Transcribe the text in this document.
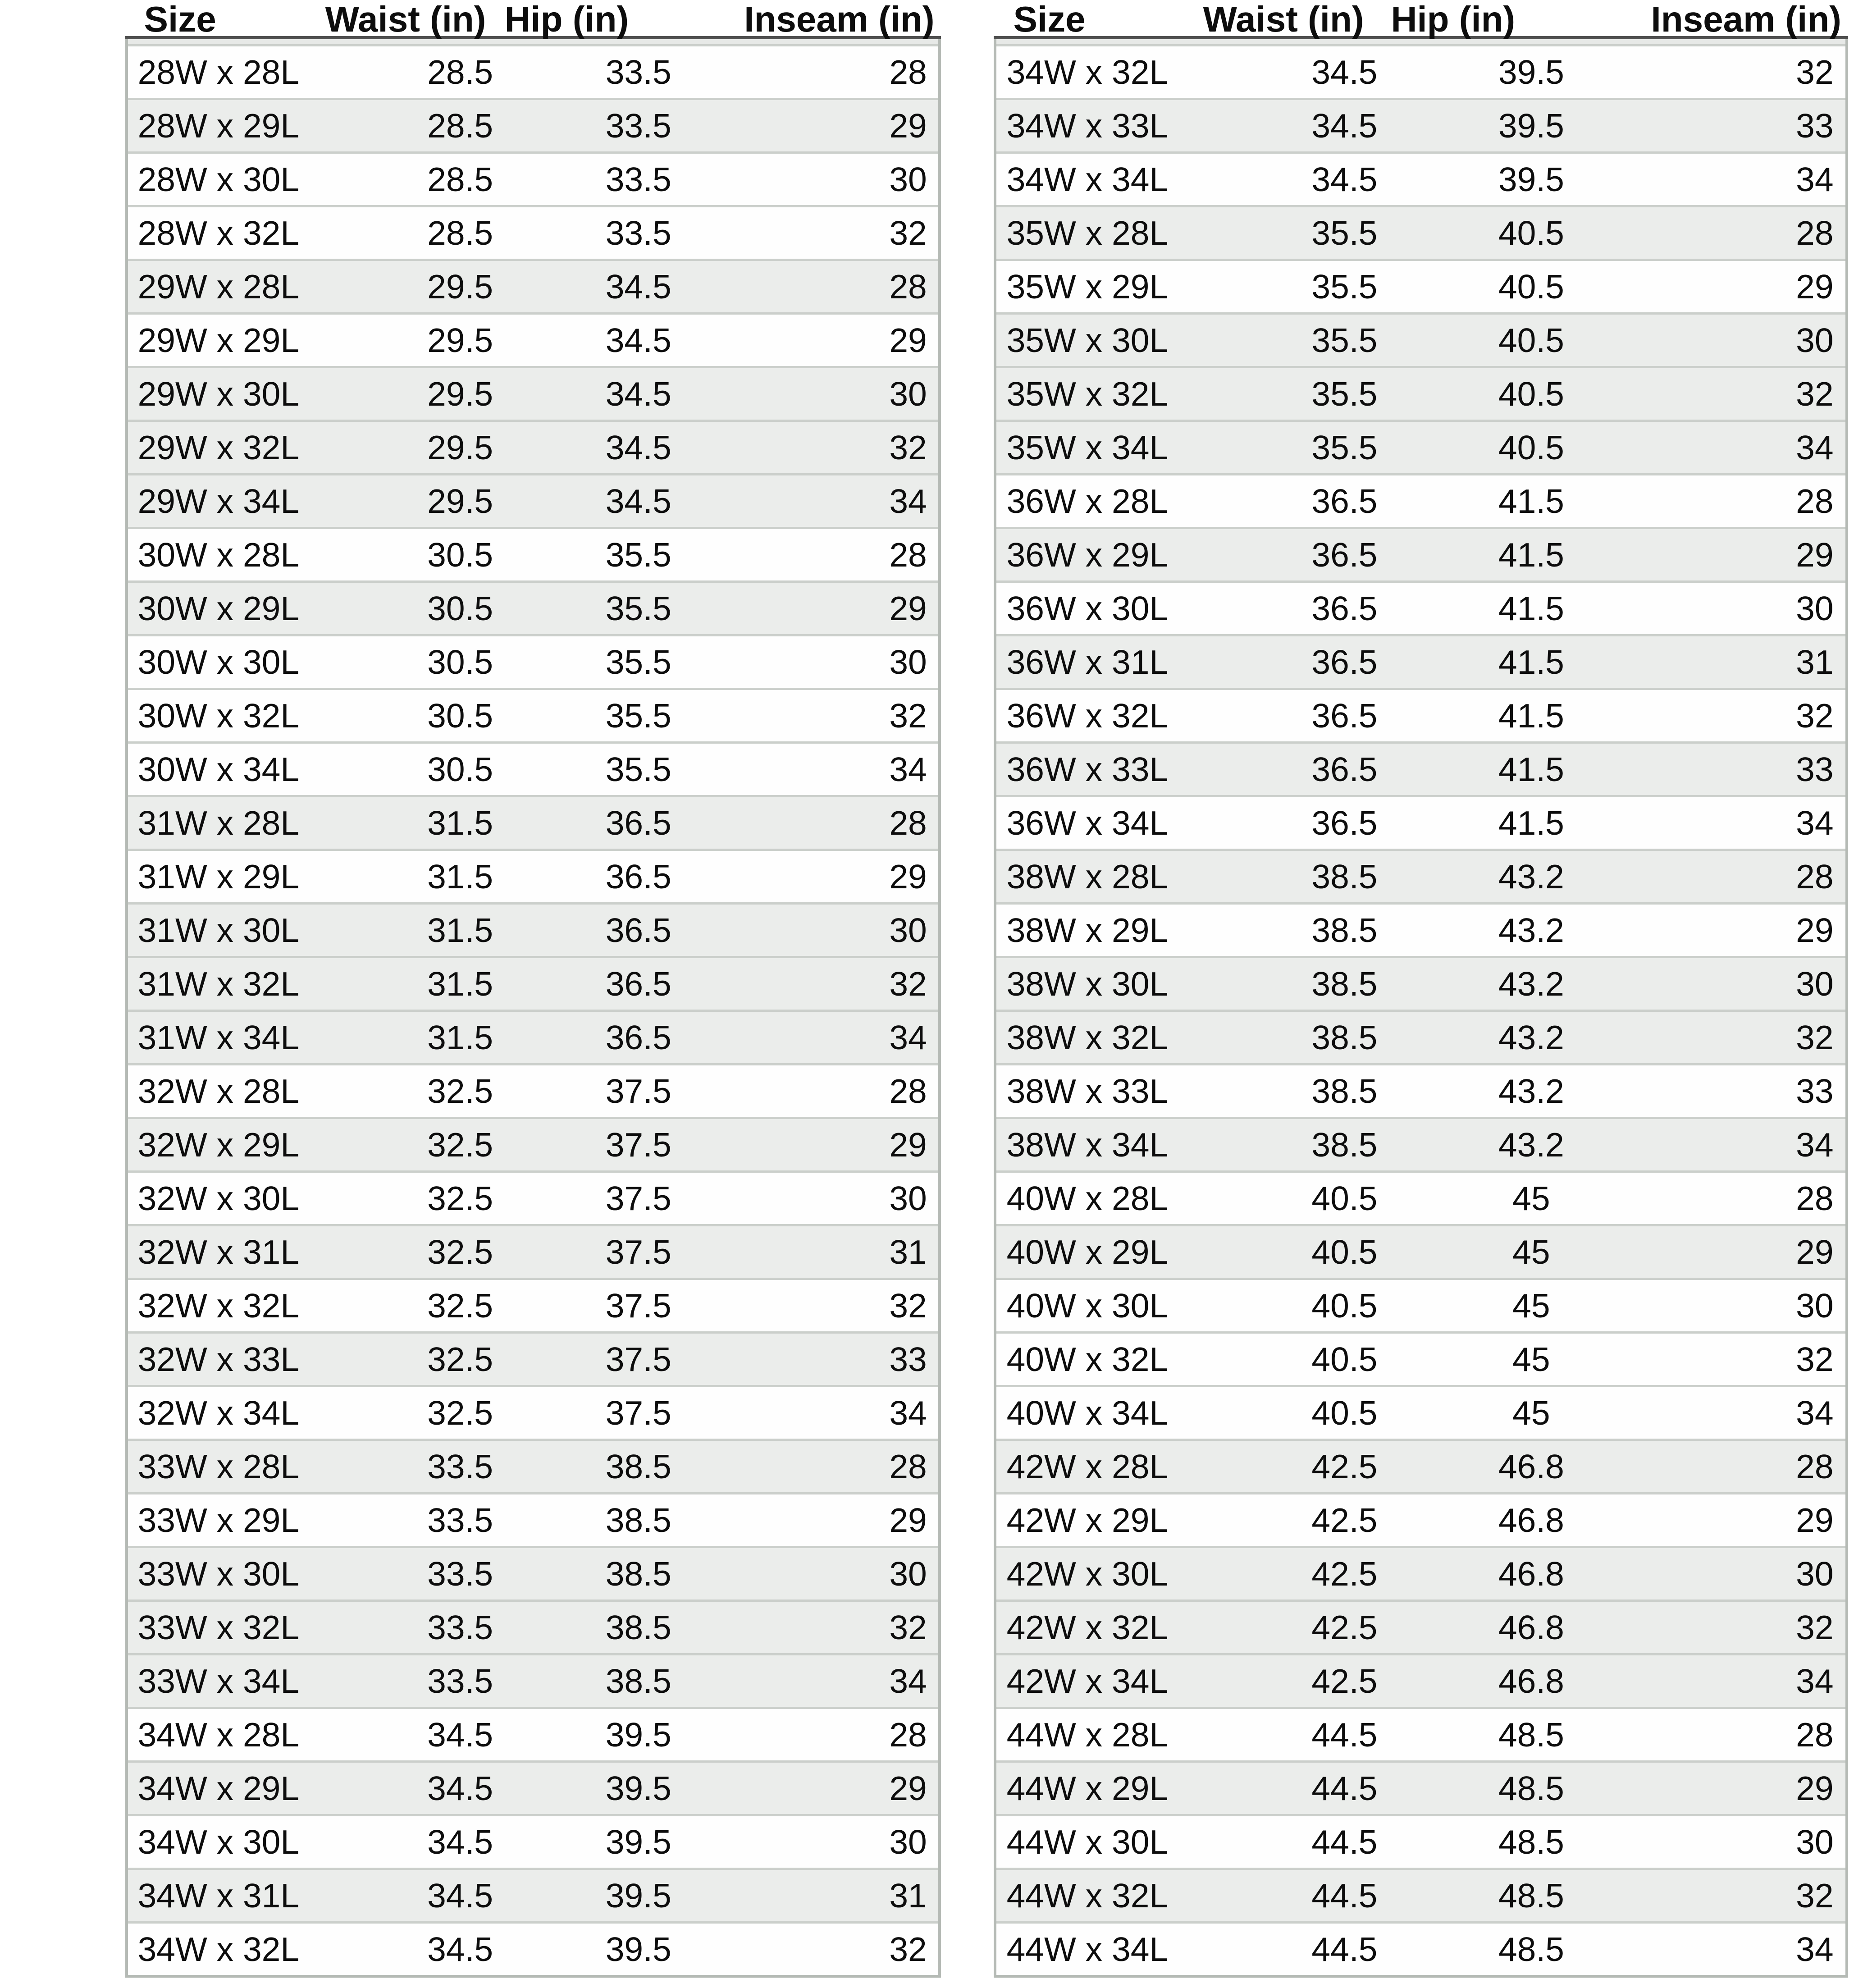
Size	Waist (in) Hip (in)	Inseam (in)
28W x 28L	28.5	33.5	28
28W x 29L	28.5	33.5	29
28W x 30L	28.5	33.5	30
28W x 32L	28.5	33.5	32
29W x 28L	29.5	34.5	28
29W x 29L	29.5	34.5	29
29W x 30L	29.5	34.5	30
29W x 32L	29.5	34.5	32
29W x 34L	29.5	34.5	34
30W x 28L	30.5	35.5	28
30W x 29L	30.5	35.5	29
30W x 30L	30.5	35.5	30
30W x 32L	30.5	35.5	32
30W x 34L	30.5	35.5	34
31W x 28L	31.5	36.5	28
31W x 29L	31.5	36.5	29
31W x 30L	31.5	36.5	30
31W x 32L	31.5	36.5	32
31W x 34L	31.5	36.5	34
32W x 28L	32.5	37.5	28
32W x 29L	32.5	37.5	29
32W x 30L	32.5	37.5	30
32W x 31L	32.5	37.5	31
32W x 32L	32.5	37.5	32
32W x 33L	32.5	37.5	33
32W x 34L	32.5	37.5	34
33W x 28L	33.5	38.5	28
33W x 29L	33.5	38.5	29
33W x 30L	33.5	38.5	30
33W x 32L	33.5	38.5	32
33W x 34L	33.5	38.5	34
34W x 28L	34.5	39.5	28
34W x 29L	34.5	39.5	29
34W x 30L	34.5	39.5	30
34W x 31L	34.5	39.5	31
34W x 32L	34.5	39.5	32
Size	Waist (in) Hip (in)	Inseam (in)
34W x 32L	34.5	39.5	32
34W x 33L	34.5	39.5	33
34W x 34L	34.5	39.5	34
35W x 28L	35.5	40.5	28
35W x 29L	35.5	40.5	29
35W x 30L	35.5	40.5	30
35W x 32L	35.5	40.5	32
35W x 34L	35.5	40.5	34
36W x 28L	36.5	41.5	28
36W x 29L	36.5	41.5	29
36W x 30L	36.5	41.5	30
36W x 31L	36.5	41.5	31
36W x 32L	36.5	41.5	32
36W x 33L	36.5	41.5	33
36W x 34L	36.5	41.5	34
38W x 28L	38.5	43.2	28
38W x 29L	38.5	43.2	29
38W x 30L	38.5	43.2	30
38W x 32L	38.5	43.2	32
38W x 33L	38.5	43.2	33
38W x 34L	38.5	43.2	34
40W x 28L	40.5	45	28
40W x 29L	40.5	45	29
40W x 30L	40.5	45	30
40W x 32L	40.5	45	32
40W x 34L	40.5	45	34
42W x 28L	42.5	46.8	28
42W x 29L	42.5	46.8	29
42W x 30L	42.5	46.8	30
42W x 32L	42.5	46.8	32
42W x 34L	42.5	46.8	34
44W x 28L	44.5	48.5	28
44W x 29L	44.5	48.5	29
44W x 30L	44.5	48.5	30
44W x 32L	44.5	48.5	32
44W x 34L	44.5	48.5	34
